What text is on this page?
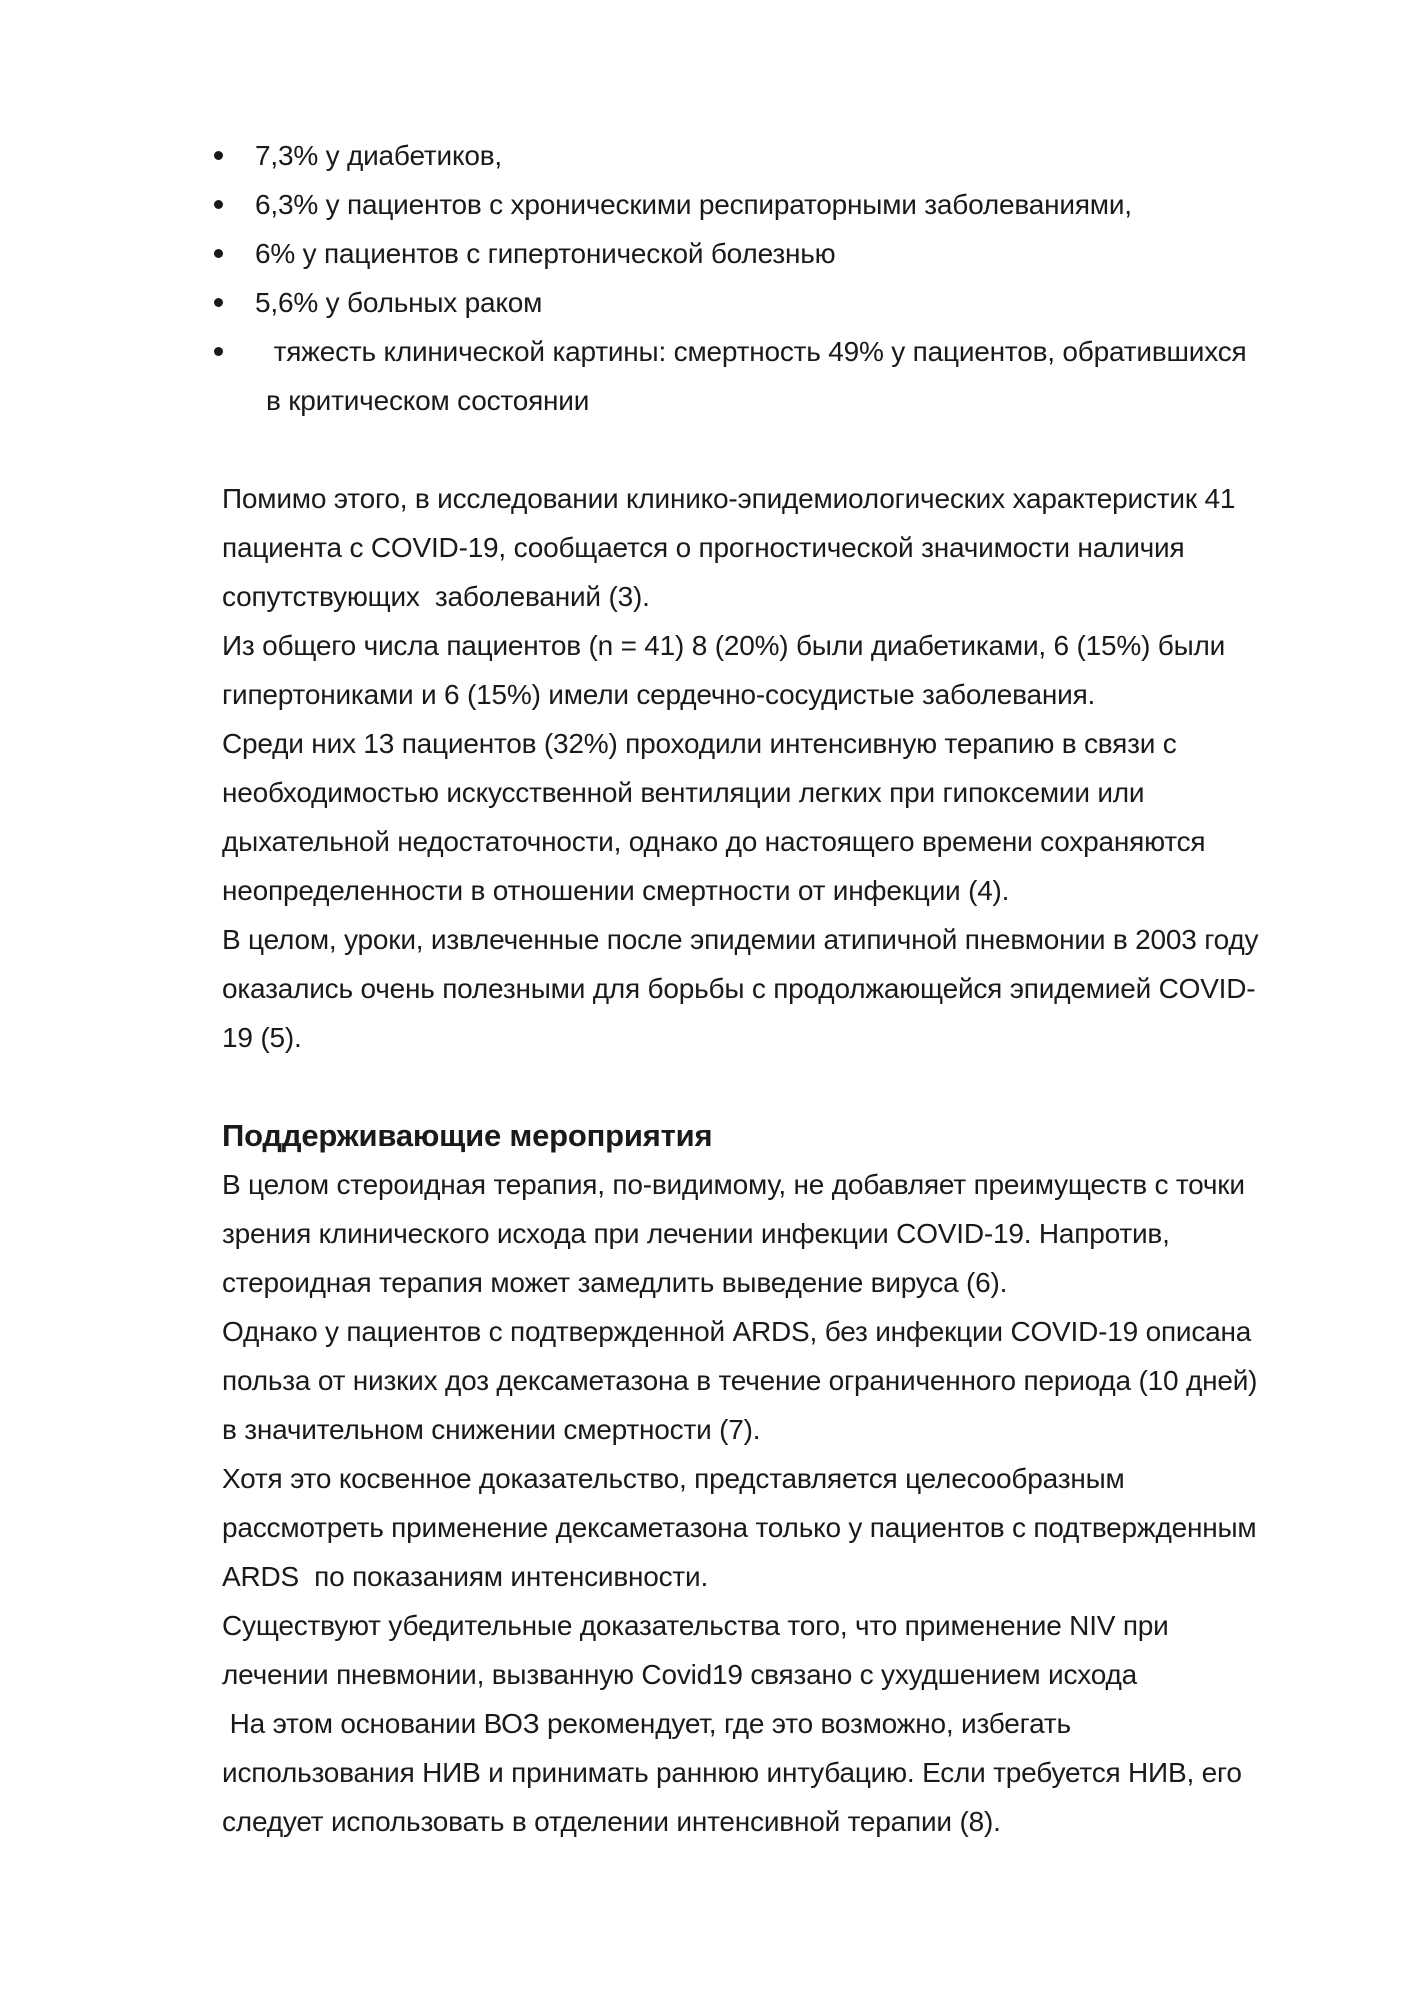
7,3% у диабетиков,
6,3% у пациентов с хроническими респираторными заболеваниями,
6% у пациентов с гипертонической болезнью
5,6% у больных раком
тяжесть клинической картины: смертность 49% у пациентов, обратившихся в критическом состоянии

Помимо этого, в исследовании клинико-эпидемиологических характеристик 41 пациента с COVID-19, сообщается о прогностической значимости наличия сопутствующих  заболеваний (3).

Из общего числа пациентов (n = 41) 8 (20%) были диабетиками, 6 (15%) были гипертониками и 6 (15%) имели сердечно-сосудистые заболевания.

Среди них 13 пациентов (32%) проходили интенсивную терапию в связи с необходимостью искусственной вентиляции легких при гипоксемии или дыхательной недостаточности, однако до настоящего времени сохраняются неопределенности в отношении смертности от инфекции (4).

В целом, уроки, извлеченные после эпидемии атипичной пневмонии в 2003 году оказались очень полезными для борьбы с продолжающейся эпидемией COVID-19 (5).

Поддерживающие мероприятия

В целом стероидная терапия, по-видимому, не добавляет преимуществ с точки зрения клинического исхода при лечении инфекции COVID-19. Напротив, стероидная терапия может замедлить выведение вируса (6).

Однако у пациентов с подтвержденной ARDS, без инфекции COVID-19 описана польза от низких доз дексаметазона в течение ограниченного периода (10 дней) в значительном снижении смертности (7).

Хотя это косвенное доказательство, представляется целесообразным рассмотреть применение дексаметазона только у пациентов с подтвержденным ARDS  по показаниям интенсивности.

Существуют убедительные доказательства того, что применение NIV при лечении пневмонии, вызванную Covid19 связано с ухудшением исхода

На этом основании ВОЗ рекомендует, где это возможно, избегать использования НИВ и принимать раннюю интубацию. Если требуется НИВ, его следует использовать в отделении интенсивной терапии (8).
